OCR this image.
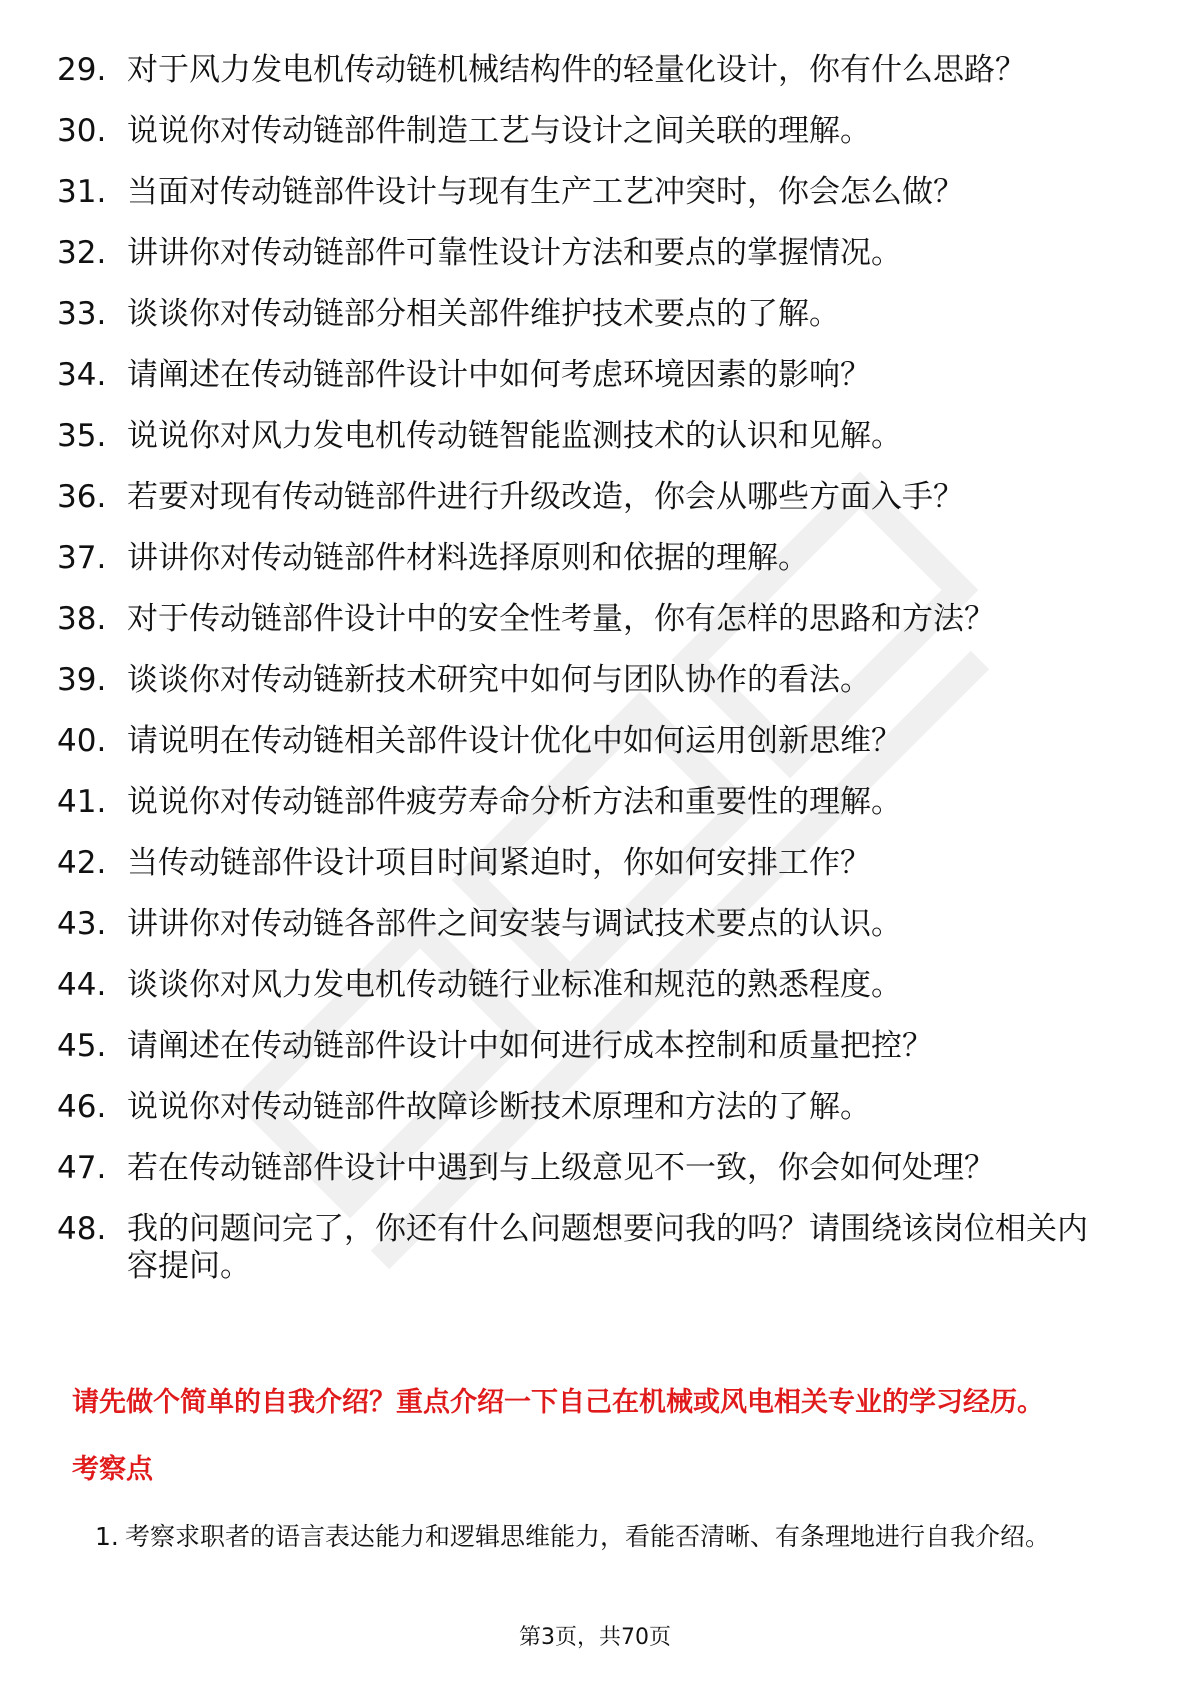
29. 对于风力发电机传动链机械结构件的轻量化设计，你有什么思路？
30. 说说你对传动链部件制造工艺与设计之间关联的理解。
31. 当面对传动链部件设计与现有生产工艺冲突时，你会怎么做？
32. 讲讲你对传动链部件可靠性设计方法和要点的掌握情况。
33. 谈谈你对传动链部分相关部件维护技术要点的了解。
34. 请阐述在传动链部件设计中如何考虑环境因素的影响？
35. 说说你对风力发电机传动链智能监测技术的认识和见解。
36. 若要对现有传动链部件进行升级改造，你会从哪些方面入手？
37. 讲讲你对传动链部件材料选择原则和依据的理解。
38. 对于传动链部件设计中的安全性考量，你有怎样的思路和方法？
39. 谈谈你对传动链新技术研究中如何与团队协作的看法。
40. 请说明在传动链相关部件设计优化中如何运用创新思维？
41. 说说你对传动链部件疲劳寿命分析方法和重要性的理解。
42. 当传动链部件设计项目时间紧迫时，你如何安排工作？
43. 讲讲你对传动链各部件之间安装与调试技术要点的认识。
44. 谈谈你对风力发电机传动链行业标准和规范的熟悉程度。
45. 请阐述在传动链部件设计中如何进行成本控制和质量把控？
46. 说说你对传动链部件故障诊断技术原理和方法的了解。
47. 若在传动链部件设计中遇到与上级意见不一致，你会如何处理？
48. 我的问题问完了，你还有什么问题想要问我的吗？请围绕该岗位相关内容提问。

请先做个简单的自我介绍？重点介绍一下自己在机械或风电相关专业的学习经历。

考察点

1. 考察求职者的语言表达能力和逻辑思维能力，看能否清晰、有条理地进行自我介绍。
第3页，共70页
